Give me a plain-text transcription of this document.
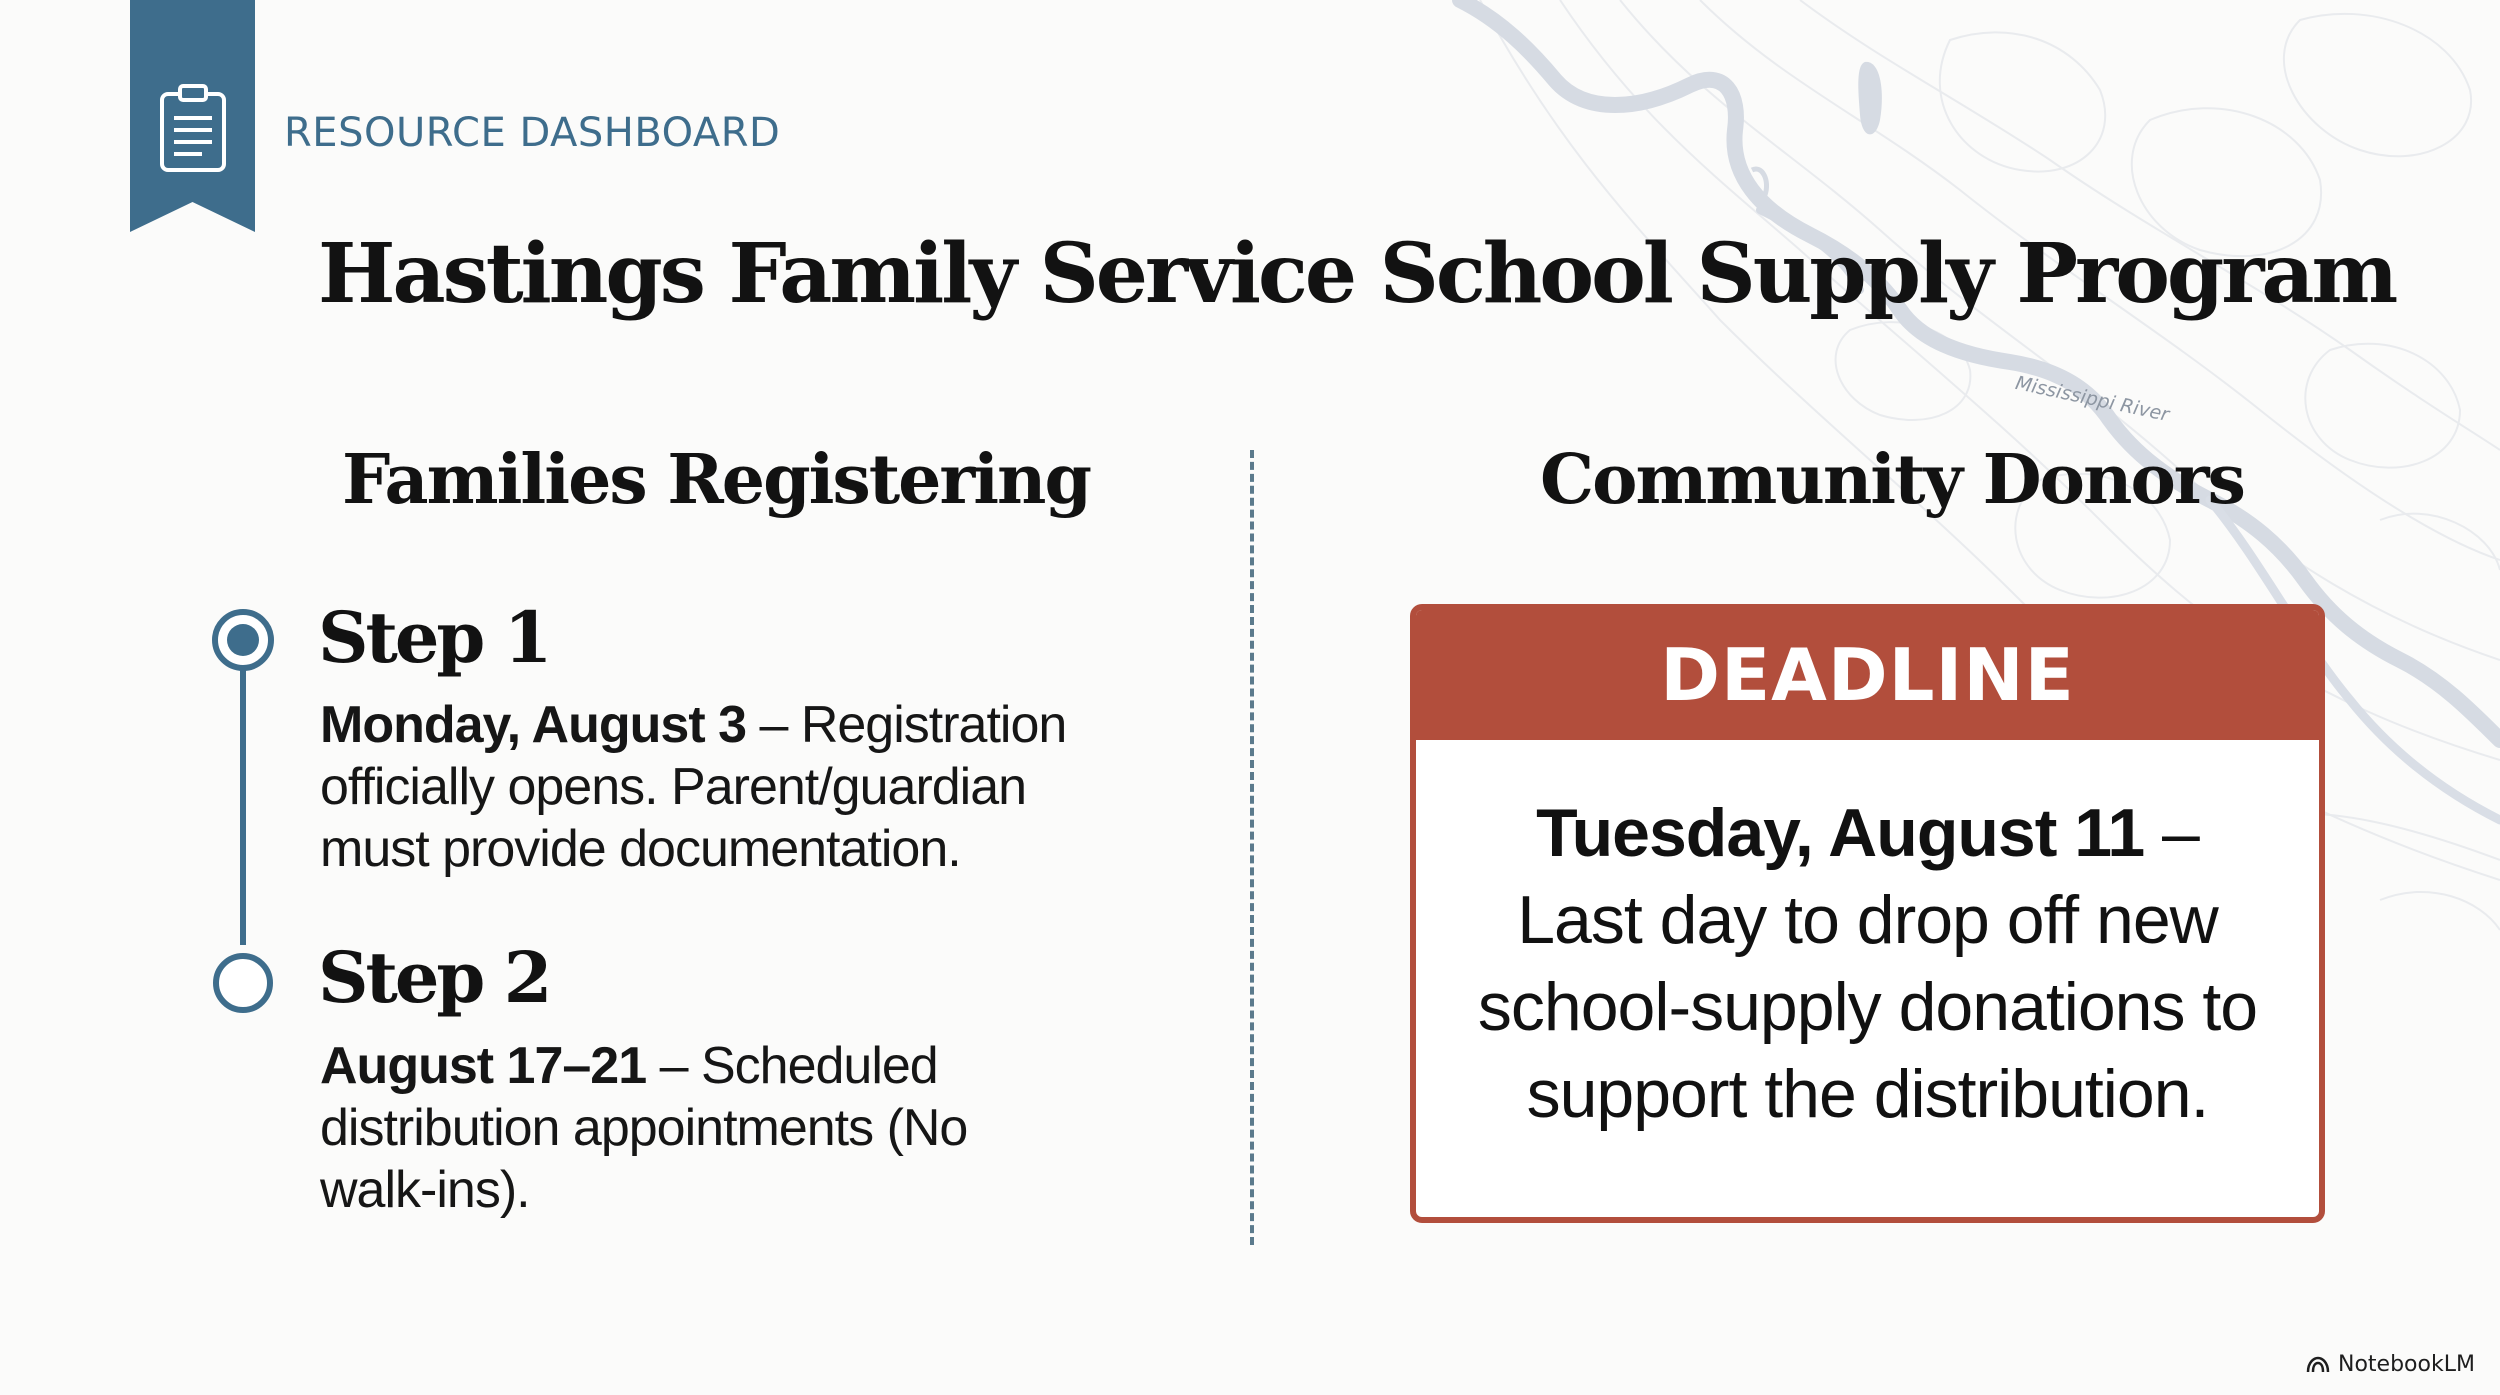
Mississippi River
RESOURCE DASHBOARD
Hastings Family Service School Supply Program
Families Registering	Community Donors
Step 1
Monday, August 3 – Registration officially opens. Parent/guardian must provide documentation.
Step 2
August 17–21 – Scheduled distribution appointments (No walk-ins).
DEADLINE
Tuesday, August 11 –
Last day to drop off new school-supply donations to support the distribution.
NotebookLM
